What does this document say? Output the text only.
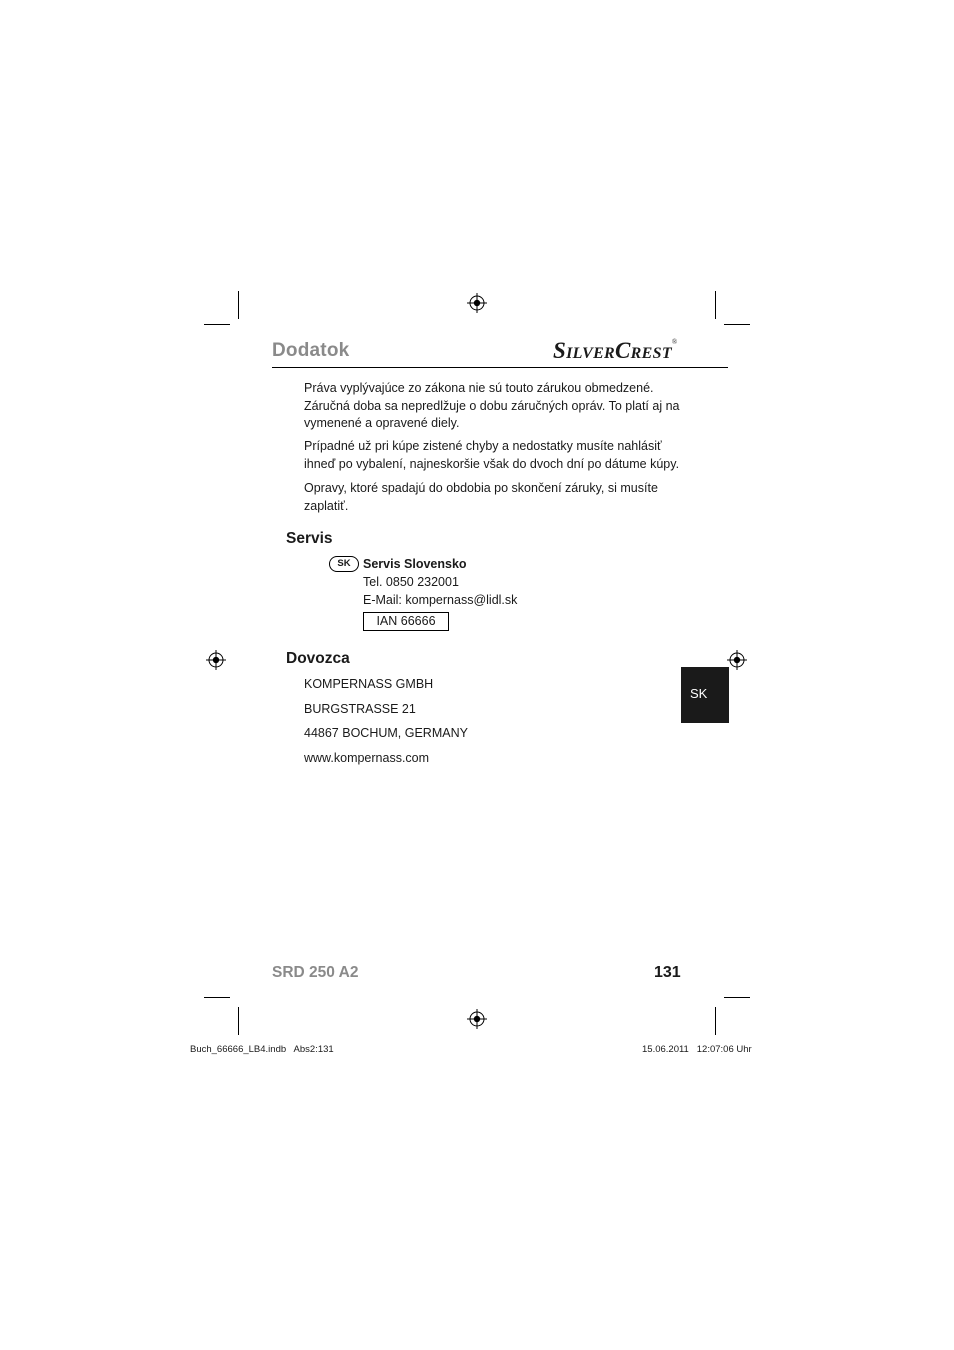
Dodatok	SILVERCREST®
Práva vyplývajúce zo zákona nie sú touto zárukou obmedzené. Záručná doba sa nepredlžuje o dobu záručných opráv. To platí aj na vymenené a opravené diely.
Prípadné už pri kúpe zistené chyby a nedostatky musíte nahlásiť ihneď po vybalení, najneskoršie však do dvoch dní po dátume kúpy.
Opravy, ktoré spadajú do obdobia po skončení záruky, si musíte zaplatiť.
Servis
SK Servis Slovensko
Tel. 0850 232001
E-Mail: kompernass@lidl.sk
IAN 66666
Dovozca
KOMPERNASS GMBH
BURGSTRASSE 21
44867 BOCHUM, GERMANY
www.kompernass.com
SK
SRD 250 A2	131
Buch_66666_LB4.indb   Abs2:131	15.06.2011   12:07:06 Uhr
